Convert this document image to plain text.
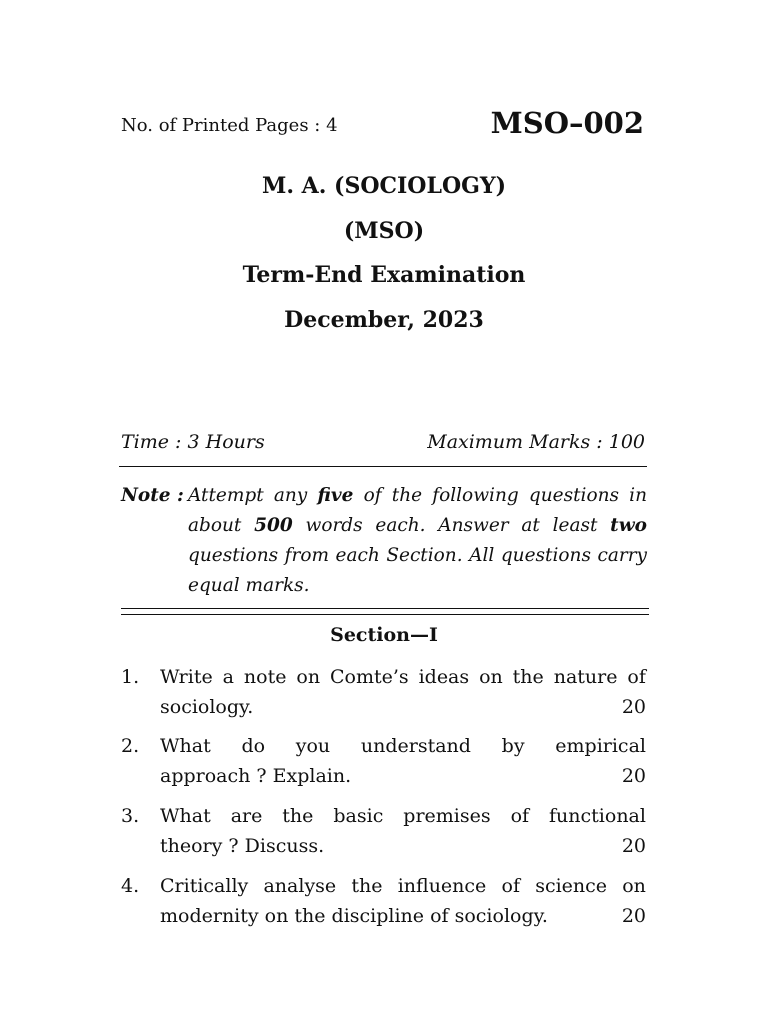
No. of Printed Pages : 4	MSO–002
M. A. (SOCIOLOGY)
(MSO)
Term-End Examination
December, 2023
Time : 3 Hours	Maximum Marks : 100
Note : Attempt any five of the following questions in about 500 words each. Answer at least two questions from each Section. All questions carry equal marks.
Section—I
1. Write a note on Comte’s ideas on the nature of
sociology.	20
2. What do you understand by empirical
approach ? Explain.	20
3. What are the basic premises of functional
theory ? Discuss.	20
4. Critically analyse the influence of science on
modernity on the discipline of sociology.	20
